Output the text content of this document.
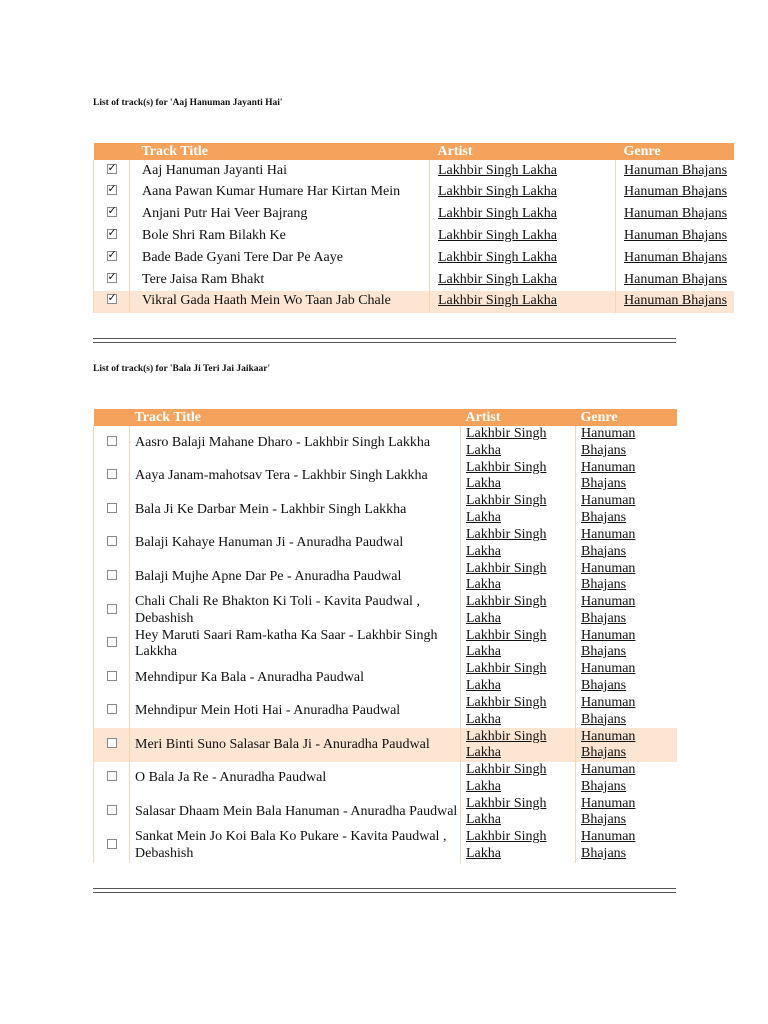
List of track(s) for 'Aaj Hanuman Jayanti Hai'
	Track Title	Artist	Genre
✓	Aaj Hanuman Jayanti Hai	Lakhbir Singh Lakha	Hanuman Bhajans
✓	Aana Pawan Kumar Humare Har Kirtan Mein	Lakhbir Singh Lakha	Hanuman Bhajans
✓	Anjani Putr Hai Veer Bajrang	Lakhbir Singh Lakha	Hanuman Bhajans
✓	Bole Shri Ram Bilakh Ke	Lakhbir Singh Lakha	Hanuman Bhajans
✓	Bade Bade Gyani Tere Dar Pe Aaye	Lakhbir Singh Lakha	Hanuman Bhajans
✓	Tere Jaisa Ram Bhakt	Lakhbir Singh Lakha	Hanuman Bhajans
✓	Vikral Gada Haath Mein Wo Taan Jab Chale	Lakhbir Singh Lakha	Hanuman Bhajans
List of track(s) for 'Bala Ji Teri Jai Jaikaar'
	Track Title	Artist	Genre
	Aasro Balaji Mahane Dharo - Lakhbir Singh Lakkha	Lakhbir Singh Lakha	Hanuman Bhajans
	Aaya Janam-mahotsav Tera - Lakhbir Singh Lakkha	Lakhbir Singh Lakha	Hanuman Bhajans
	Bala Ji Ke Darbar Mein - Lakhbir Singh Lakkha	Lakhbir Singh Lakha	Hanuman Bhajans
	Balaji Kahaye Hanuman Ji - Anuradha Paudwal	Lakhbir Singh Lakha	Hanuman Bhajans
	Balaji Mujhe Apne Dar Pe - Anuradha Paudwal	Lakhbir Singh Lakha	Hanuman Bhajans
	Chali Chali Re Bhakton Ki Toli - Kavita Paudwal , Debashish	Lakhbir Singh Lakha	Hanuman Bhajans
	Hey Maruti Saari Ram-katha Ka Saar - Lakhbir Singh Lakkha	Lakhbir Singh Lakha	Hanuman Bhajans
	Mehndipur Ka Bala - Anuradha Paudwal	Lakhbir Singh Lakha	Hanuman Bhajans
	Mehndipur Mein Hoti Hai - Anuradha Paudwal	Lakhbir Singh Lakha	Hanuman Bhajans
	Meri Binti Suno Salasar Bala Ji - Anuradha Paudwal	Lakhbir Singh Lakha	Hanuman Bhajans
	O Bala Ja Re - Anuradha Paudwal	Lakhbir Singh Lakha	Hanuman Bhajans
	Salasar Dhaam Mein Bala Hanuman - Anuradha Paudwal	Lakhbir Singh Lakha	Hanuman Bhajans
	Sankat Mein Jo Koi Bala Ko Pukare - Kavita Paudwal , Debashish	Lakhbir Singh Lakha	Hanuman Bhajans
